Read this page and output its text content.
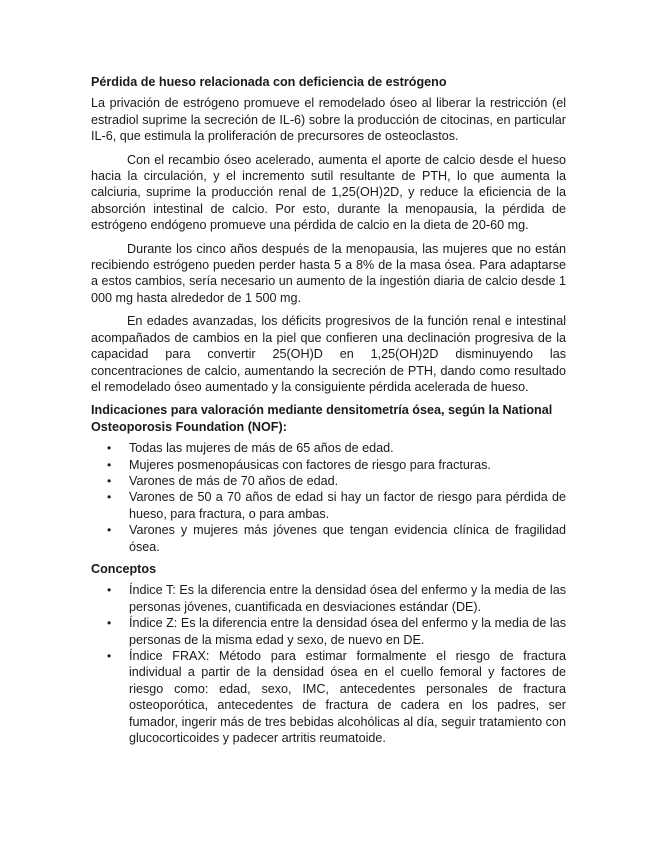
Pérdida de hueso relacionada con deficiencia de estrógeno

La privación de estrógeno promueve el remodelado óseo al liberar la restricción (el estradiol suprime la secreción de IL-6) sobre la producción de citocinas, en particular IL-6, que estimula la proliferación de precursores de osteoclastos.

Con el recambio óseo acelerado, aumenta el aporte de calcio desde el hueso hacia la circulación, y el incremento sutil resultante de PTH, lo que aumenta la calciuria, suprime la producción renal de 1,25(OH)2D, y reduce la eficiencia de la absorción intestinal de calcio. Por esto, durante la menopausia, la pérdida de estrógeno endógeno promueve una pérdida de calcio en la dieta de 20-60 mg.

Durante los cinco años después de la menopausia, las mujeres que no están recibiendo estrógeno pueden perder hasta 5 a 8% de la masa ósea. Para adaptarse a estos cambios, sería necesario un aumento de la ingestión diaria de calcio desde 1 000 mg hasta alrededor de 1 500 mg.

En edades avanzadas, los déficits progresivos de la función renal e intestinal acompañados de cambios en la piel que confieren una declinación progresiva de la capacidad para convertir 25(OH)D en 1,25(OH)2D disminuyendo las concentraciones de calcio, aumentando la secreción de PTH, dando como resultado el remodelado óseo aumentado y la consiguiente pérdida acelerada de hueso.

Indicaciones para valoración mediante densitometría ósea, según la National Osteoporosis Foundation (NOF):
• Todas las mujeres de más de 65 años de edad.
• Mujeres posmenopáusicas con factores de riesgo para fracturas.
• Varones de más de 70 años de edad.
• Varones de 50 a 70 años de edad si hay un factor de riesgo para pérdida de hueso, para fractura, o para ambas.
• Varones y mujeres más jóvenes que tengan evidencia clínica de fragilidad ósea.
Conceptos
• Índice T: Es la diferencia entre la densidad ósea del enfermo y la media de las personas jóvenes, cuantificada en desviaciones estándar (DE).
• Índice Z: Es la diferencia entre la densidad ósea del enfermo y la media de las personas de la misma edad y sexo, de nuevo en DE.
• Índice FRAX: Método para estimar formalmente el riesgo de fractura individual a partir de la densidad ósea en el cuello femoral y factores de riesgo como: edad, sexo, IMC, antecedentes personales de fractura osteoporótica, antecedentes de fractura de cadera en los padres, ser fumador, ingerir más de tres bebidas alcohólicas al día, seguir tratamiento con glucocorticoides y padecer artritis reumatoide.
